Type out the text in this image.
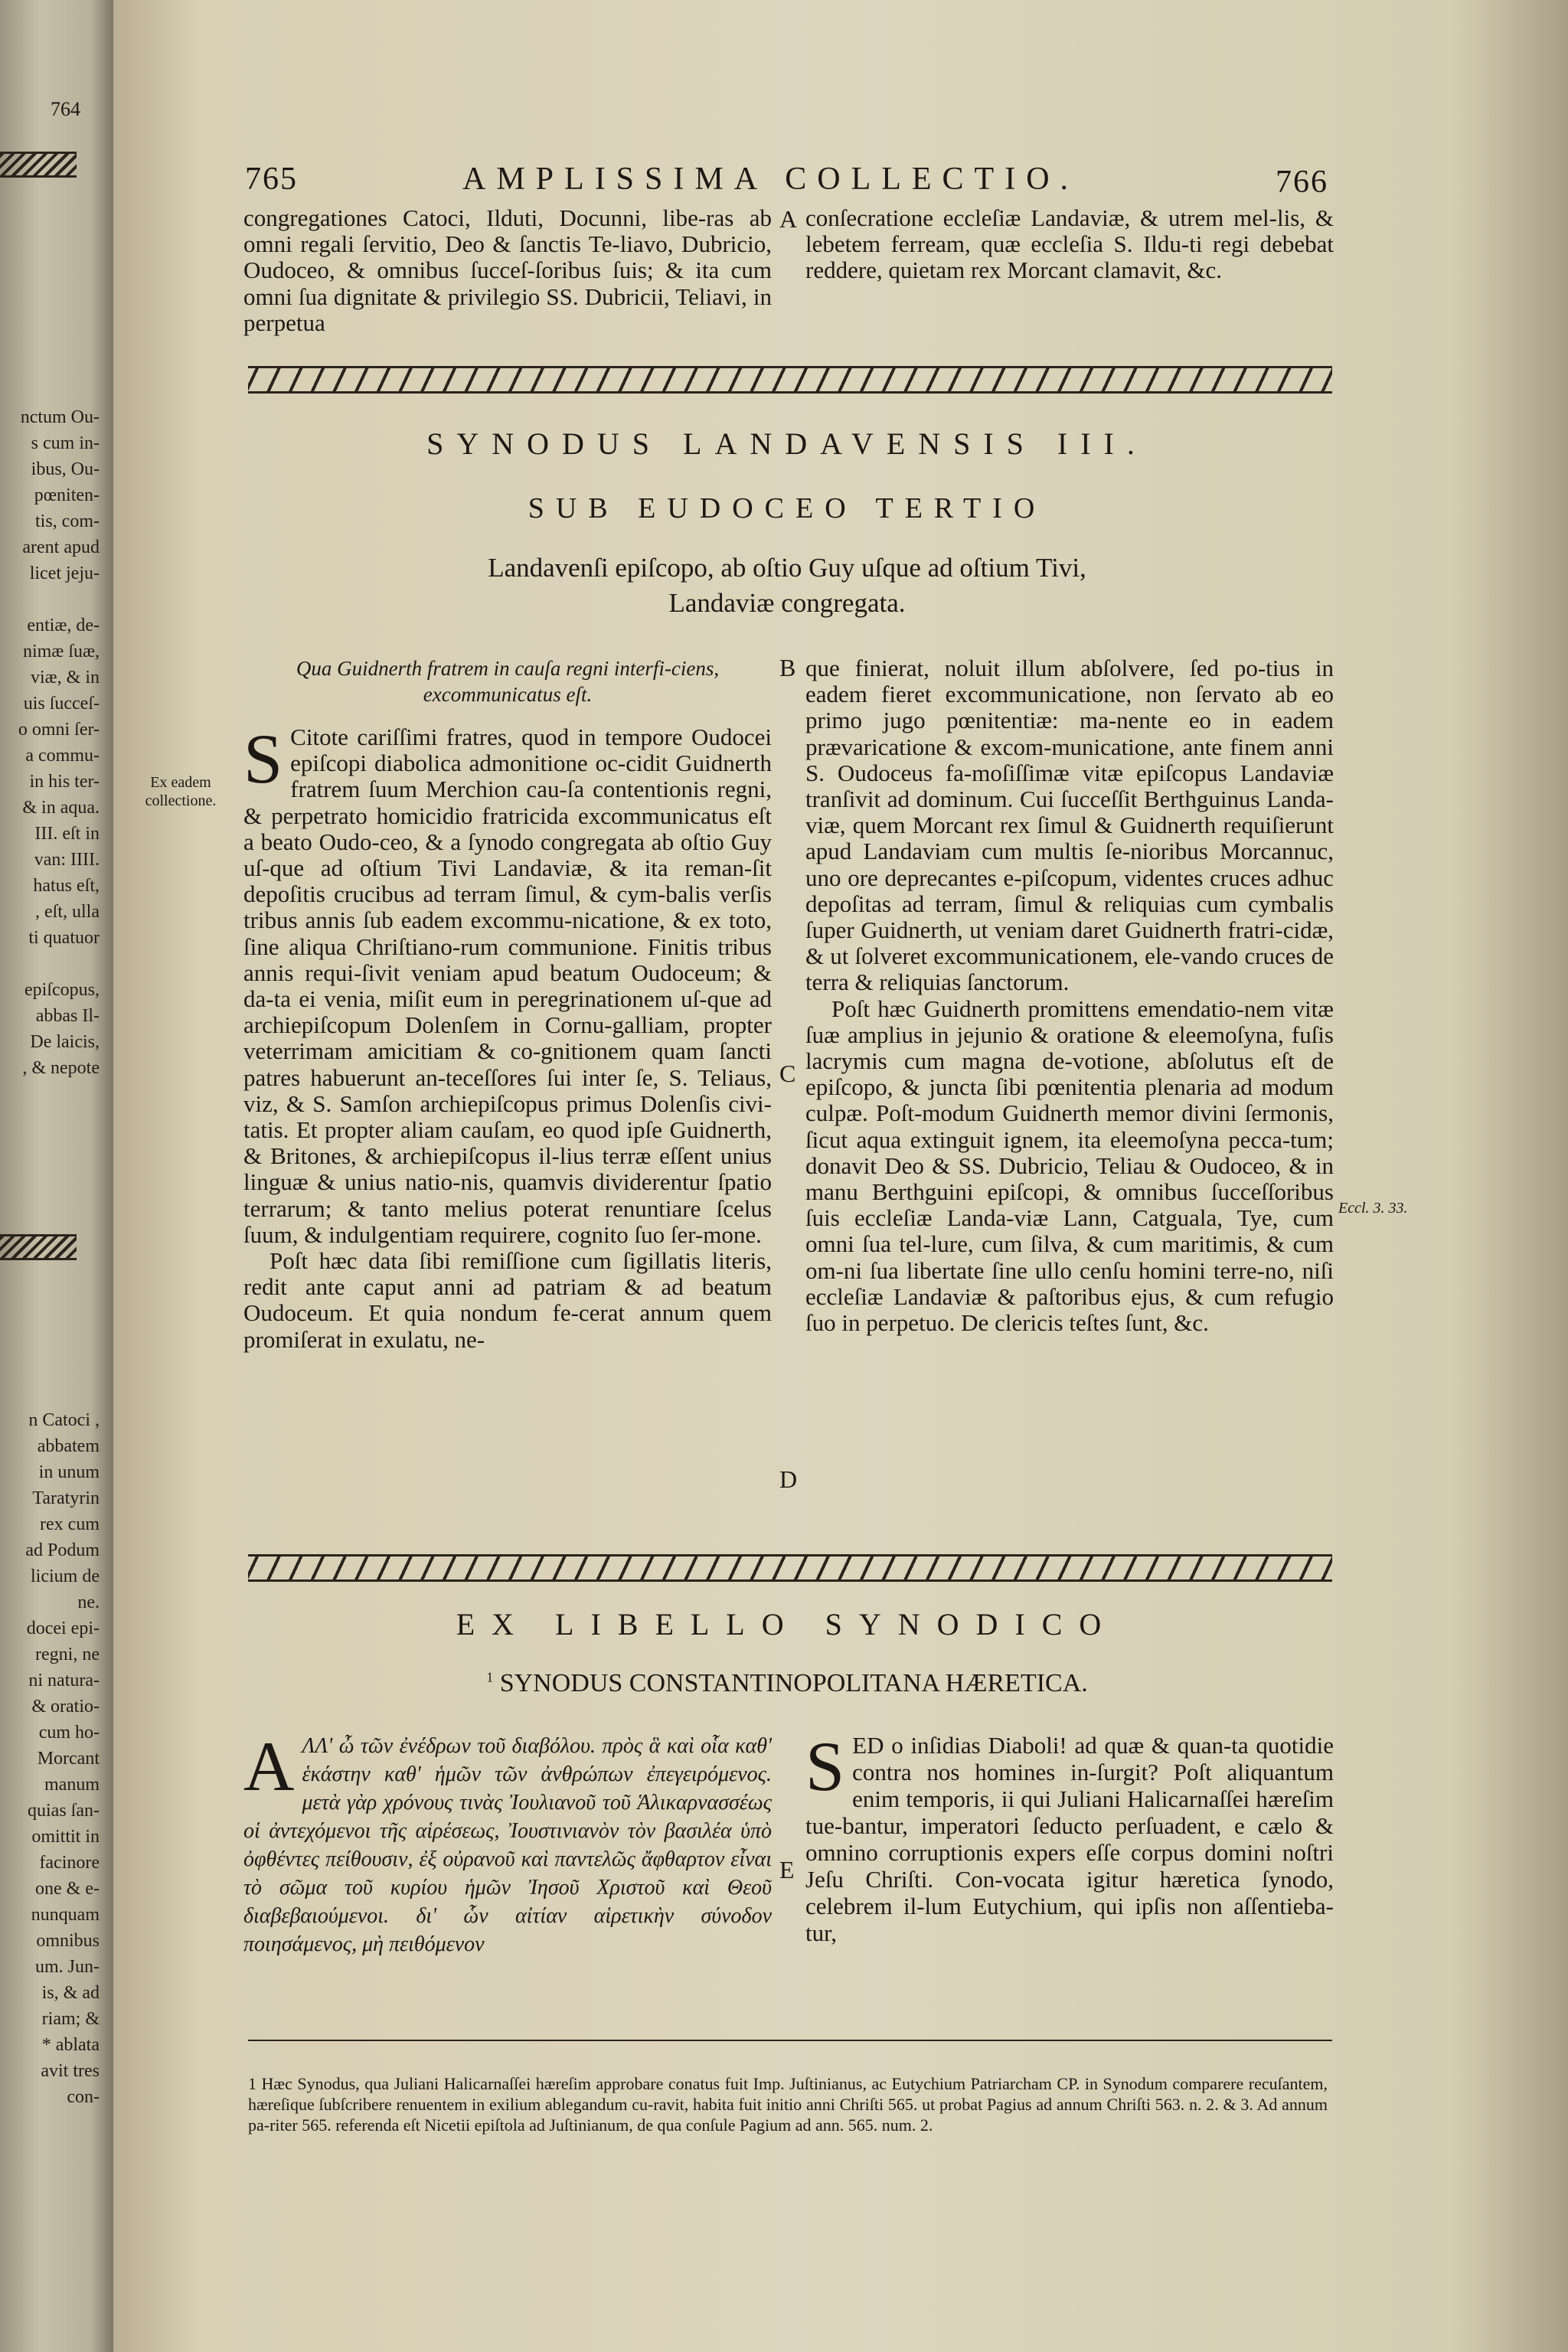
764
nctum Ou-
s cum in-
ibus, Ou-
pœniten-
tis, com-
arent apud
licet jeju-

entiæ, de-
nimæ ſuæ,
viæ, & in
uis ſucceſ-
o omni ſer-
a commu-
in his ter-
& in aqua.
III. eſt in
van: IIII.
hatus eſt,
, eſt, ulla
ti quatuor

epiſcopus,
abbas Il-
De laicis,
, & nepote
n Catoci ,
abbatem
in unum
Taratyrin
rex cum
ad Podum
licium de
ne.
docei epi-
regni, ne
ni natura-
& oratio-
cum ho-
Morcant
manum
quias ſan-
omittit in
facinore
one & e-
nunquam
omnibus
um. Jun-
is, & ad
riam; &
* ablata
avit tres
con-
765	AMPLISSIMA COLLECTIO.	766
congregationes Catoci, Ilduti, Docunni, libe-ras ab omni regali ſervitio, Deo & ſanctis Te-liavo, Dubricio, Oudoceo, & omnibus ſucceſ-ſoribus ſuis; & ita cum omni ſua dignitate & privilegio SS. Dubricii, Teliavi, in perpetua
A conſecratione eccleſiæ Landaviæ, & utrem mel-lis, & lebetem ferream, quæ eccleſia S. Ildu-ti regi debebat reddere, quietam rex Morcant clamavit, &c.
SYNODUS LANDAVENSIS III.
SUB EUDOCEO TERTIO
Landavenſi epiſcopo, ab oſtio Guy uſque ad oſtium Tivi,
Landaviæ congregata.
Qua Guidnerth fratrem in cauſa regni interfi-ciens, excommunicatus eſt.
Ex eadem collectione.

S Citote cariſſimi fratres, quod in tempore Oudocei epiſcopi diabolica admonitione oc-cidit Guidnerth fratrem ſuum Merchion cau-ſa contentionis regni, & perpetrato homicidio fratricida excommunicatus eſt a beato Oudo-ceo, & a ſynodo congregata ab oſtio Guy uſ-que ad oſtium Tivi Landaviæ, & ita reman-ſit depoſitis crucibus ad terram ſimul, & cym-balis verſis tribus annis ſub eadem excommu-nicatione, & ex toto, ſine aliqua Chriſtiano-rum communione. Finitis tribus annis requi-ſivit veniam apud beatum Oudoceum; & da-ta ei venia, miſit eum in peregrinationem uſ-que ad archiepiſcopum Dolenſem in Cornu-galliam, propter veterrimam amicitiam & co-gnitionem quam ſancti patres habuerunt an-teceſſores ſui inter ſe, S. Teliaus, viz, & S. Samſon archiepiſcopus primus Dolenſis civi-tatis. Et propter aliam cauſam, eo quod ipſe Guidnerth, & Britones, & archiepiſcopus il-lius terræ eſſent unius linguæ & unius natio-nis, quamvis dividerentur ſpatio terrarum; & tanto melius poterat renuntiare ſcelus ſuum, & indulgentiam requirere, cognito ſuo ſer-mone.

Poſt hæc data ſibi remiſſione cum ſigillatis literis, redit ante caput anni ad patriam & ad beatum Oudoceum. Et quia nondum fe-cerat annum quem promiſerat in exulatu, ne-

B
C
D

que finierat, noluit illum abſolvere, ſed po-tius in eadem fieret excommunicatione, non ſervato ab eo primo jugo pœnitentiæ: ma-nente eo in eadem prævaricatione & excom-municatione, ante finem anni S. Oudoceus fa-moſiſſimæ vitæ epiſcopus Landaviæ tranſivit ad dominum. Cui ſucceſſit Berthguinus Landa-viæ, quem Morcant rex ſimul & Guidnerth requiſierunt apud Landaviam cum multis ſe-nioribus Morcannuc, uno ore deprecantes e-piſcopum, videntes cruces adhuc depoſitas ad terram, ſimul & reliquias cum cymbalis ſuper Guidnerth, ut veniam daret Guidnerth fratri-cidæ, & ut ſolveret excommunicationem, ele-vando cruces de terra & reliquias ſanctorum.

Poſt hæc Guidnerth promittens emendatio-nem vitæ ſuæ amplius in jejunio & oratione & eleemoſyna, fuſis lacrymis cum magna de-votione, abſolutus eſt de epiſcopo, & juncta ſibi pœnitentia plenaria ad modum culpæ. Poſt-modum Guidnerth memor divini ſermonis, ſicut aqua extinguit ignem, ita eleemoſyna pecca-tum; donavit Deo & SS. Dubricio, Teliau & Oudoceo, & in manu Berthguini epiſcopi, & omnibus ſucceſſoribus ſuis eccleſiæ Landa-viæ Lann, Catguala, Tye, cum omni ſua tel-lure, cum ſilva, & cum maritimis, & cum om-ni ſua libertate ſine ullo cenſu homini terre-no, niſi eccleſiæ Landaviæ & paſtoribus ejus, & cum refugio ſuo in perpetuo. De clericis teſtes ſunt, &c.

Eccl. 3. 33.
EX LIBELLO SYNODICO
$^1$ SYNODUS CONSTANTINOPOLITANA HÆRETICA.
ΑΛΛ' ὦ τῶν ἐνέδρων τοῦ διαβόλου. πρὸς ἃ καὶ οἷα καθ' ἑκάστην καθ' ἡμῶν τῶν ἀνθρώπων ἐπεγειρόμενος. μετὰ γὰρ χρόνους τινὰς Ἰουλιανοῦ τοῦ Ἁλικαρνασσέως οἱ ἀντεχόμενοι τῆς αἱρέσεως, Ἰουστινιανὸν τὸν βασιλέα ὑπὸ ὀφθέντες πείθουσιν, ἐξ οὐρανοῦ καὶ παντελῶς ἄφθαρτον εἶναι τὸ σῶμα τοῦ κυρίου ἡμῶν Ἰησοῦ Χριστοῦ καὶ Θεοῦ διαβεβαιούμενοι. δι' ὧν αἰτίαν αἱρετικὴν σύνοδον ποιησάμενος, μὴ πειθόμενον
E
SED o inſidias Diaboli! ad quæ & quan-ta quotidie contra nos homines in-ſurgit? Poſt aliquantum enim temporis, ii qui Juliani Halicarnaſſei hæreſim tue-bantur, imperatori ſeducto perſuadent, e cælo & omnino corruptionis expers eſſe corpus domini noſtri Jeſu Chriſti. Con-vocata igitur hæretica ſynodo, celebrem il-lum Eutychium, qui ipſis non aſſentieba-tur,
1 Hæc Synodus, qua Juliani Halicarnaſſei hæreſim approbare conatus fuit Imp. Juſtinianus, ac Eutychium Patriarcham CP. in Synodum comparere recuſantem, hæreſique ſubſcribere renuentem in exilium ablegandum cu-ravit, habita fuit initio anni Chriſti 565. ut probat Pagius ad annum Chriſti 563. n. 2. & 3. Ad annum pa-riter 565. referenda eſt Nicetii epiſtola ad Juſtinianum, de qua conſule Pagium ad ann. 565. num. 2.
